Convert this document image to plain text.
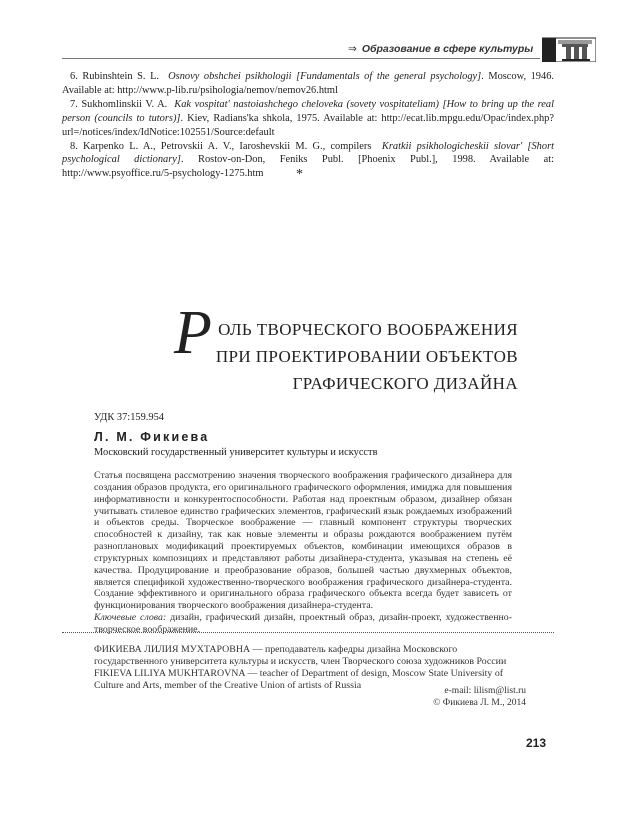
⇒ Образование в сфере культуры

6. Rubinshtein S. L. Osnovy obshchei psikhologii [Fundamentals of the general psychology]. Moscow, 1946. Available at: http://www.p-lib.ru/psihologia/nemov/nemov26.html

7. Sukhomlinskii V. A. Kak vospitat' nastoiashchego cheloveka (sovety vospitateliam) [How to bring up the real person (councils to tutors)]. Kiev, Radians'ka shkola, 1975. Available at: http://ecat.lib.mpgu.edu/Opac/index.php?url=/notices/index/IdNotice:102551/Source:default

8. Karpenko L. A., Petrovskii A. V., Iaroshevskii M. G., compilers Kratkii psikhologicheskii slovar' [Short psychological dictionary]. Rostov-on-Don, Feniks Publ. [Phoenix Publ.], 1998. Available at: http://www.psyoffice.ru/5-psychology-1275.htm	*
Р ОЛЬ ТВОРЧЕСКОГО ВООБРАЖЕНИЯ
ПРИ ПРОЕКТИРОВАНИИ ОБЪЕКТОВ
ГРАФИЧЕСКОГО ДИЗАЙНА
УДК 37:159.954
Л. М. Фикиева
Московский государственный университет культуры и искусств
Статья посвящена рассмотрению значения творческого воображения графического дизайнера для создания образов продукта, его оригинального графического оформления, имиджа для повышения информативности и конкурентоспособности. Работая над проектным образом, дизайнер обязан учитывать стилевое единство графических элементов, графический язык рождаемых изображений и объектов среды. Творческое воображение — главный компонент структуры творческих способностей к дизайну, так как новые элементы и образы рождаются воображением путём разноплановых модификаций проектируемых объектов, комбинации имеющихся образов в структурных композициях и представляют работы дизайнера-студента, указывая на степень её качества. Продуцирование и преобразование образов, большей частью двухмерных объектов, является спецификой художественно-творческого воображения графического дизайнера-студента. Создание эффективного и оригинального образа графического объекта всегда будет зависеть от функционирования творческого воображения дизайнера-студента.
Ключевые слова: дизайн, графический дизайн, проектный образ, дизайн-проект, художественно-творческое воображение.

ФИКИЕВА ЛИЛИЯ МУХТАРОВНА — преподаватель кафедры дизайна Московского государственного университета культуры и искусств, член Творческого союза художников России

FIKIEVA LILIYA MUKHTAROVNA — teacher of Department of design, Moscow State University of Culture and Arts, member of the Creative Union of artists of Russia

e-mail: lilism@list.ru
© Фикиева Л. М., 2014
213
